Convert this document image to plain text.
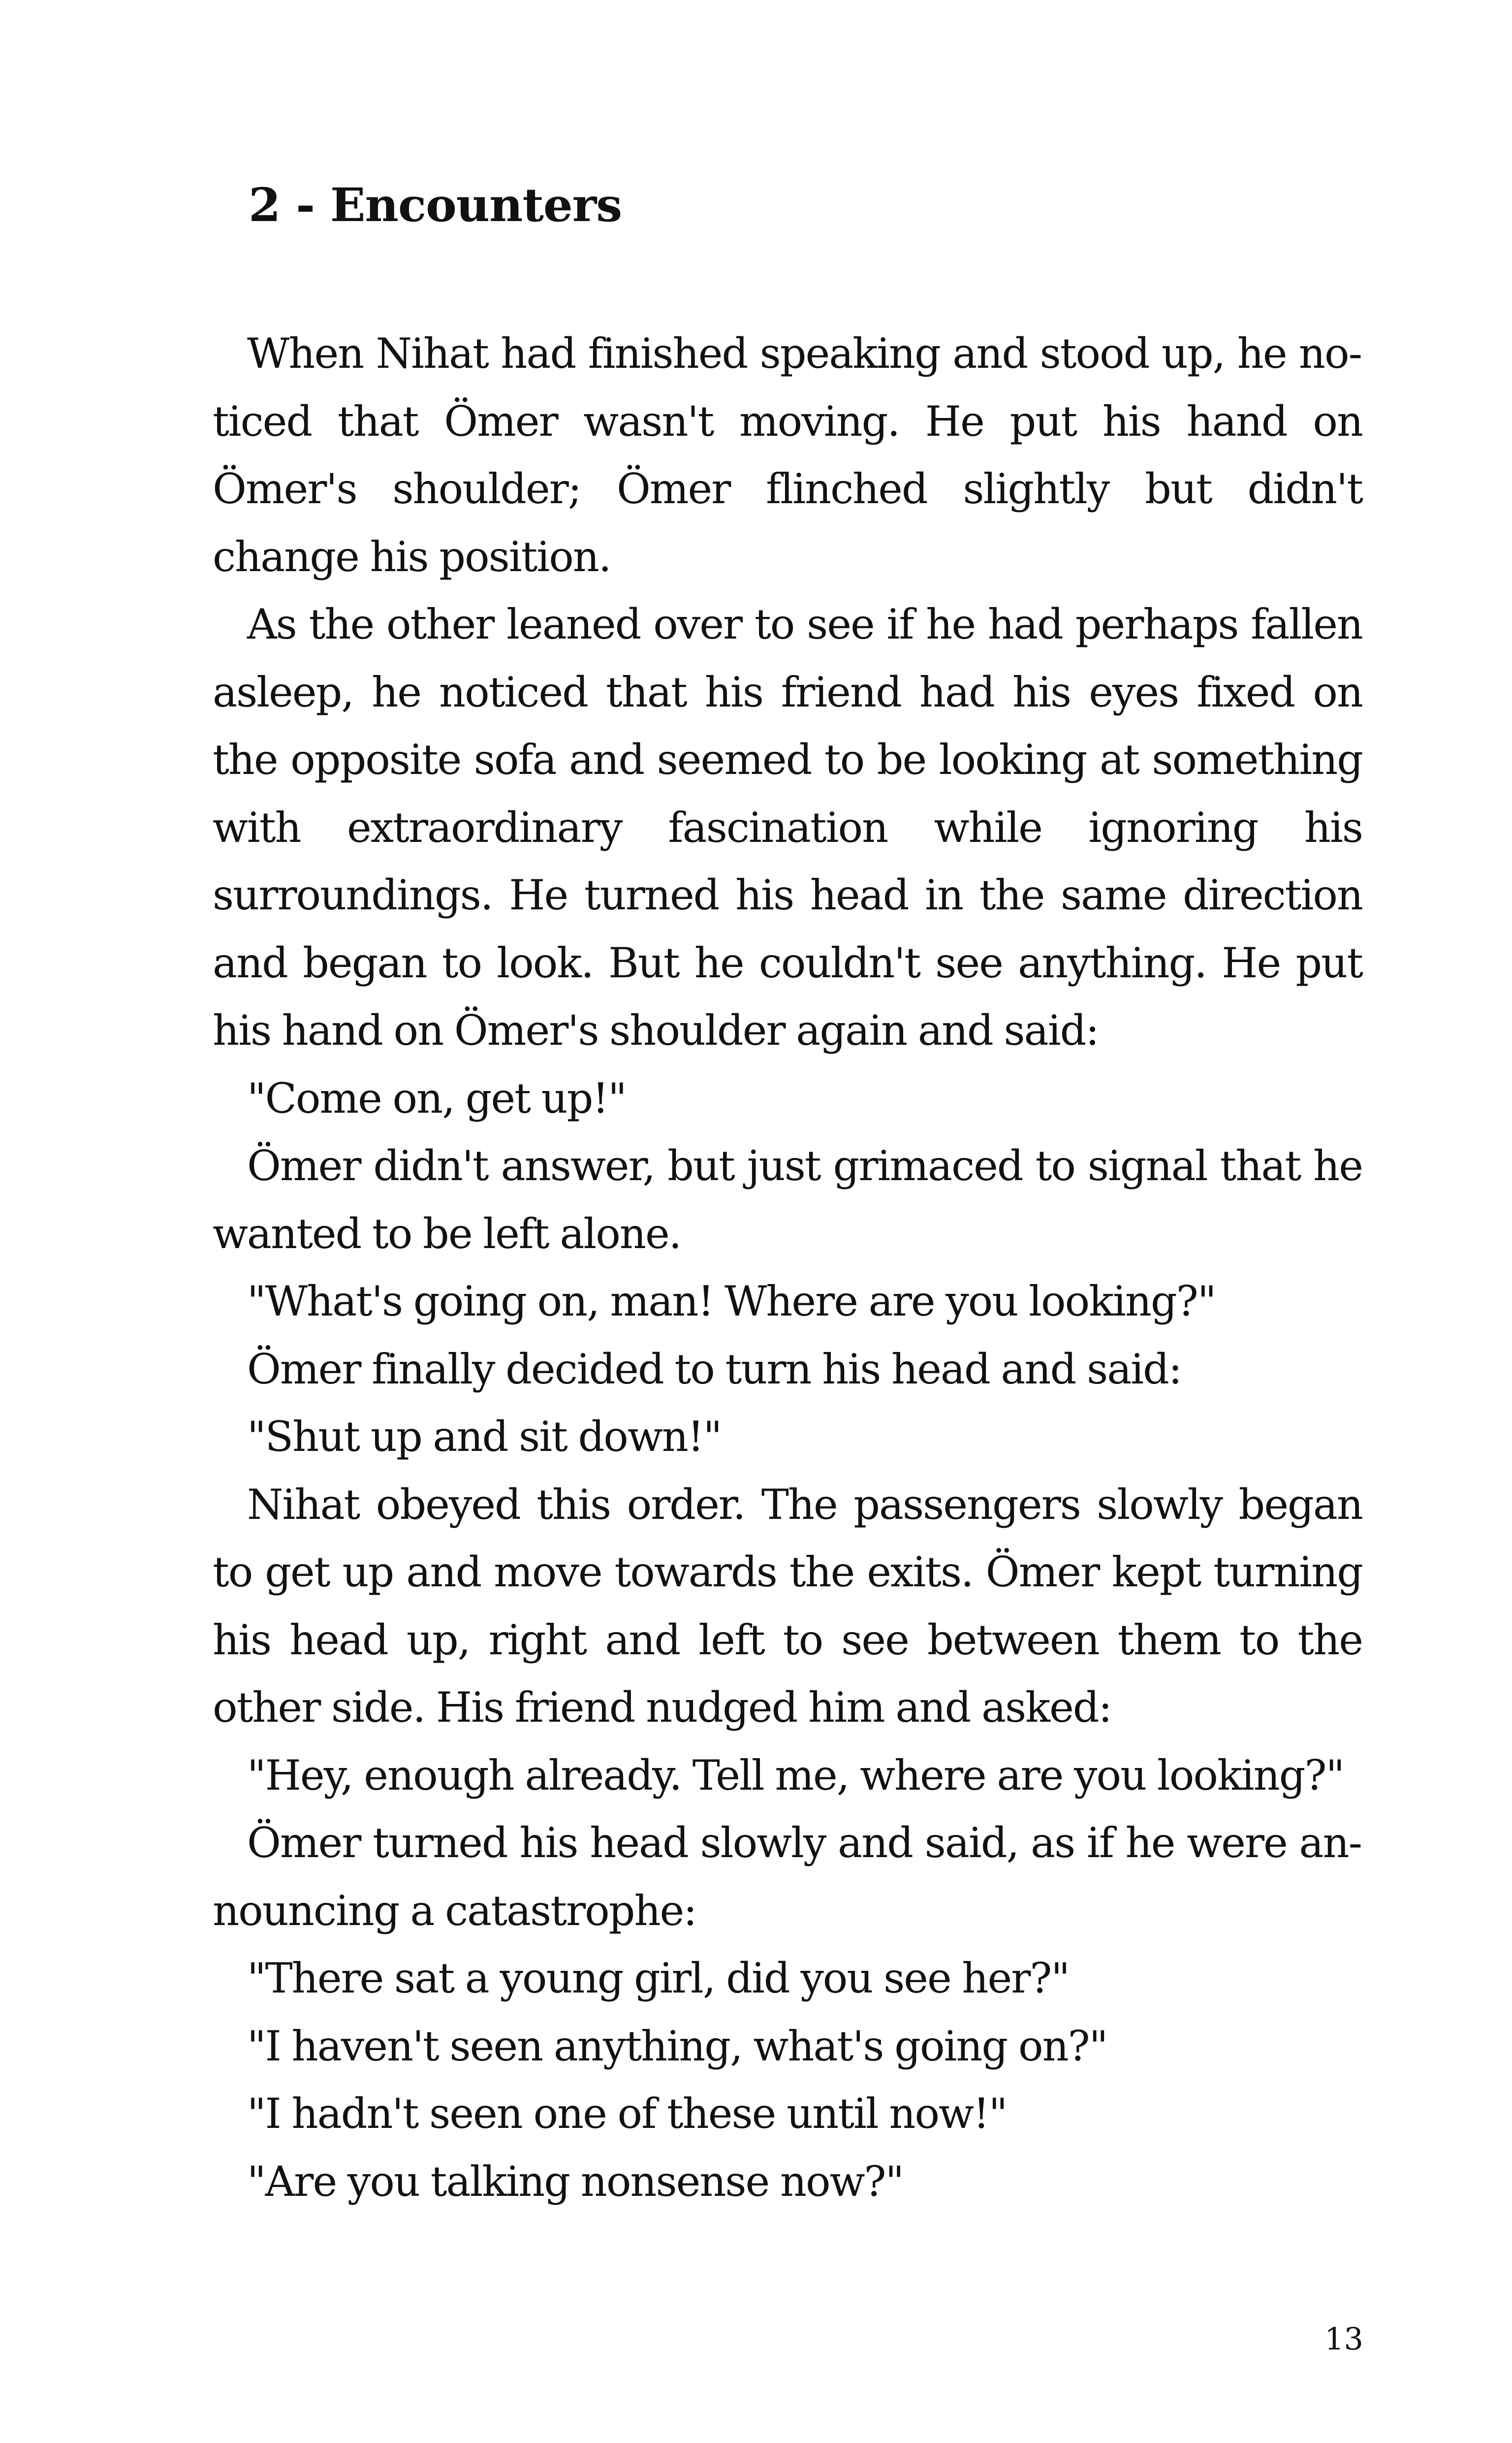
2 - Encounters

When Nihat had finished speaking and stood up, he noticed that Ömer wasn't moving. He put his hand on Ömer's shoulder; Ömer flinched slightly but didn't change his position.

As the other leaned over to see if he had perhaps fallen asleep, he noticed that his friend had his eyes fixed on the opposite sofa and seemed to be looking at something with extraordinary fascination while ignoring his surroundings. He turned his head in the same direction and began to look. But he couldn't see anything. He put his hand on Ömer's shoulder again and said:

"Come on, get up!"

Ömer didn't answer, but just grimaced to signal that he wanted to be left alone.

"What's going on, man! Where are you looking?"

Ömer finally decided to turn his head and said:

"Shut up and sit down!"

Nihat obeyed this order. The passengers slowly began to get up and move towards the exits. Ömer kept turning his head up, right and left to see between them to the other side. His friend nudged him and asked:

"Hey, enough already. Tell me, where are you looking?"

Ömer turned his head slowly and said, as if he were announcing a catastrophe:

"There sat a young girl, did you see her?"

"I haven't seen anything, what's going on?"

"I hadn't seen one of these until now!"

"Are you talking nonsense now?"

13
